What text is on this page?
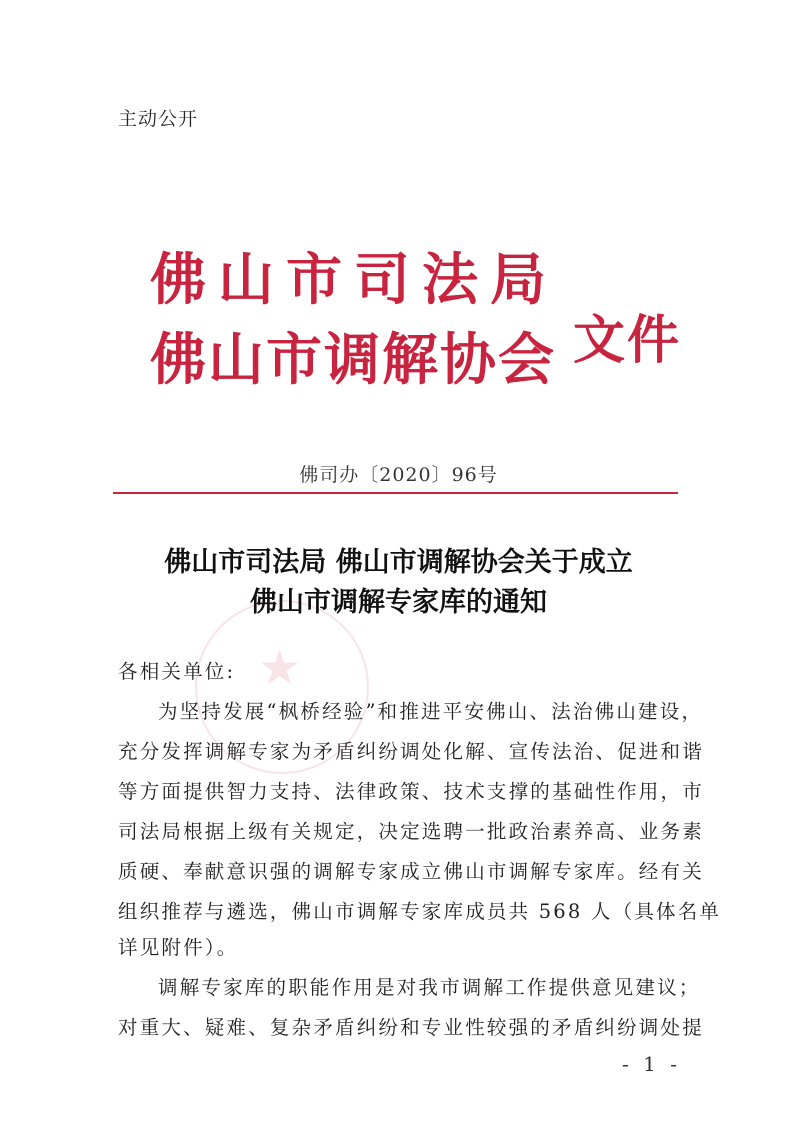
主动公开
佛山市司法局
佛山市调解协会 文件
佛司办〔2020〕96号
★
佛山市司法局 佛山市调解协会关于成立
佛山市调解专家库的通知
各相关单位:
为坚持发展“枫桥经验”和推进平安佛山、法治佛山建设，
充分发挥调解专家为矛盾纠纷调处化解、宣传法治、促进和谐
等方面提供智力支持、法律政策、技术支撑的基础性作用，市
司法局根据上级有关规定，决定选聘一批政治素养高、业务素
质硬、奉献意识强的调解专家成立佛山市调解专家库。经有关
组织推荐与遴选，佛山市调解专家库成员共 568 人（具体名单
详见附件）。
调解专家库的职能作用是对我市调解工作提供意见建议；
对重大、疑难、复杂矛盾纠纷和专业性较强的矛盾纠纷调处提
- 1 -
